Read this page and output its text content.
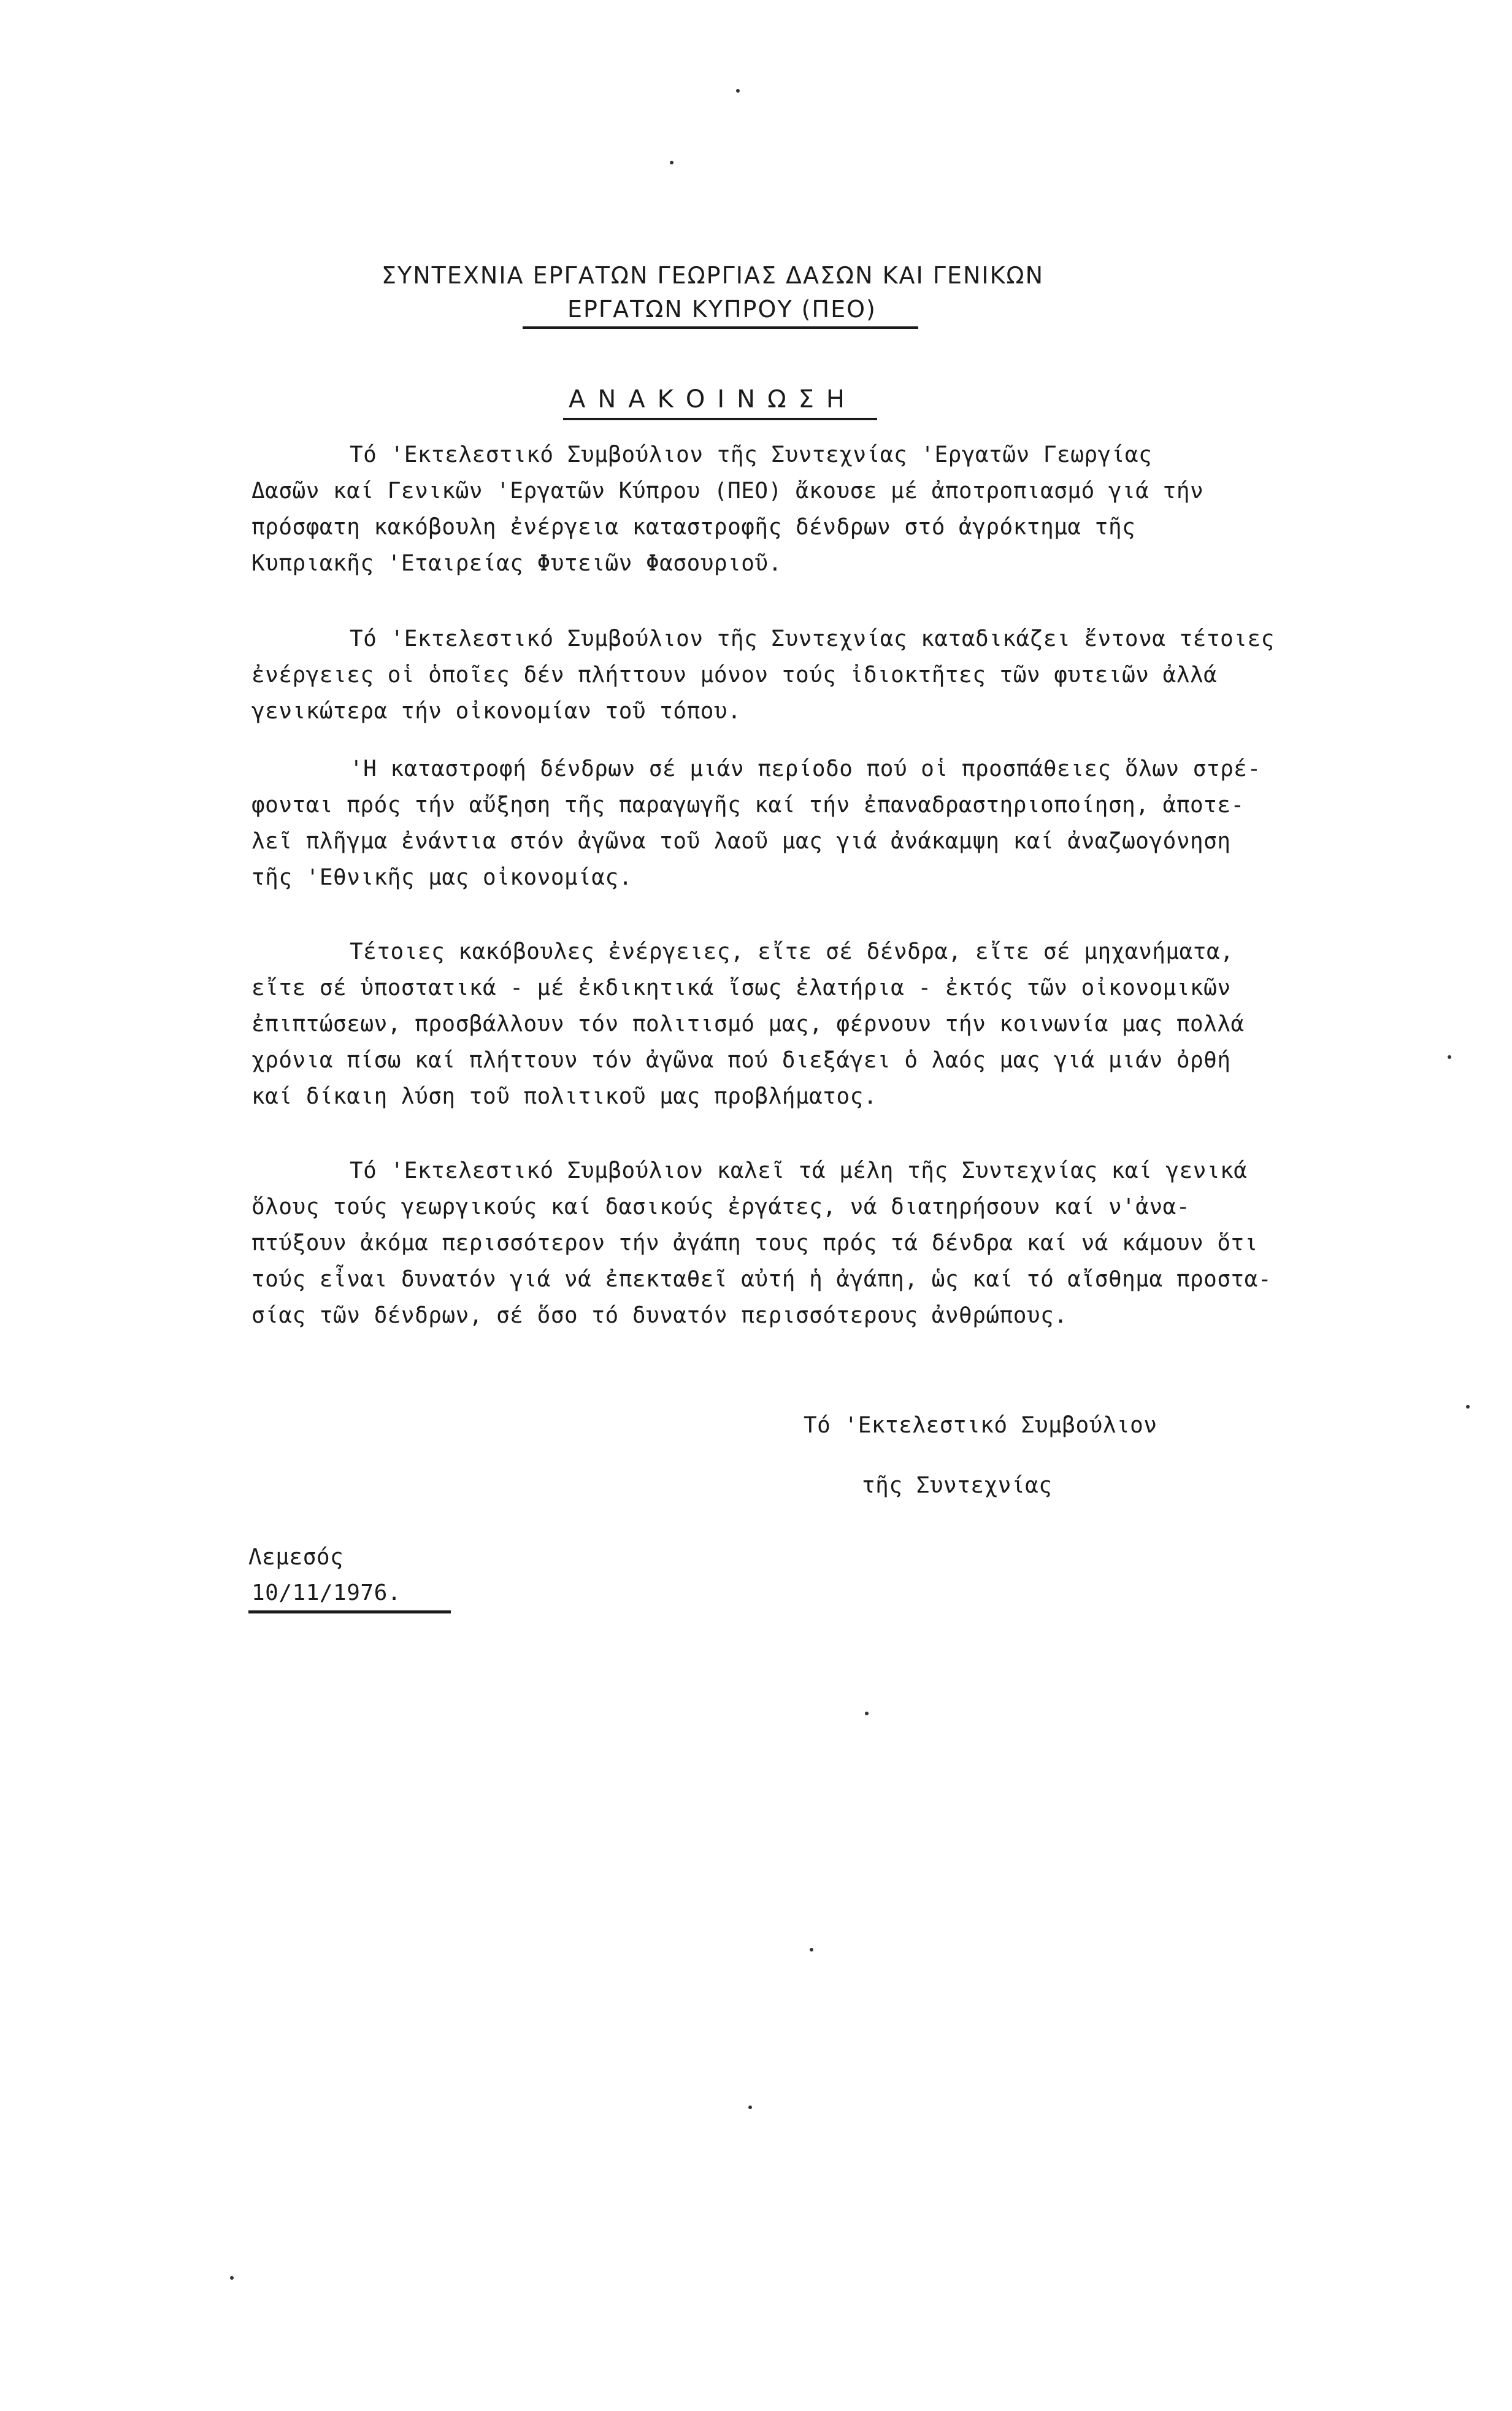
ΣΥΝΤΕΧΝΙΑ ΕΡΓΑΤΩΝ ΓΕΩΡΓΙΑΣ ΔΑΣΩΝ ΚΑΙ ΓΕΝΙΚΩΝ
ΕΡΓΑΤΩΝ ΚΥΠΡΟΥ (ΠΕΟ)
ΑΝΑΚΟΙΝΩΣΗ
Τό 'Εκτελεστικό Συμβούλιον τῆς Συντεχνίας 'Εργατῶν Γεωργίας
Δασῶν καί Γενικῶν 'Εργατῶν Κύπρου (ΠΕΟ) ἄκουσε μέ ἀποτροπιασμό γιά τήν
πρόσφατη κακόβουλη ἐνέργεια καταστροφῆς δένδρων στό ἀγρόκτημα τῆς
Κυπριακῆς 'Εταιρείας Φυτειῶν Φασουριοῦ.
Τό 'Εκτελεστικό Συμβούλιον τῆς Συντεχνίας καταδικάζει ἔντονα τέτοιες
ἐνέργειες οἱ ὁποῖες δέν πλήττουν μόνον τούς ἰδιοκτῆτες τῶν φυτειῶν ἀλλά
γενικώτερα τήν οἰκονομίαν τοῦ τόπου.
'Η καταστροφή δένδρων σέ μιάν περίοδο πού οἱ προσπάθειες ὅλων στρέ-
φονται πρός τήν αὔξηση τῆς παραγωγῆς καί τήν ἐπαναδραστηριοποίηση, ἀποτε-
λεῖ πλῆγμα ἐνάντια στόν ἀγῶνα τοῦ λαοῦ μας γιά ἀνάκαμψη καί ἀναζωογόνηση
τῆς 'Εθνικῆς μας οἰκονομίας.
Τέτοιες κακόβουλες ἐνέργειες, εἴτε σέ δένδρα, εἴτε σέ μηχανήματα,
εἴτε σέ ὑποστατικά - μέ ἐκδικητικά ἴσως ἐλατήρια - ἐκτός τῶν οἰκονομικῶν
ἐπιπτώσεων, προσβάλλουν τόν πολιτισμό μας, φέρνουν τήν κοινωνία μας πολλά
χρόνια πίσω καί πλήττουν τόν ἀγῶνα πού διεξάγει ὁ λαός μας γιά μιάν ὀρθή
καί δίκαιη λύση τοῦ πολιτικοῦ μας προβλήματος.
Τό 'Εκτελεστικό Συμβούλιον καλεῖ τά μέλη τῆς Συντεχνίας καί γενικά
ὅλους τούς γεωργικούς καί δασικούς ἐργάτες, νά διατηρήσουν καί ν'ἀνα-
πτύξουν ἀκόμα περισσότερον τήν ἀγάπη τους πρός τά δένδρα καί νά κάμουν ὅτι
τούς εἶναι δυνατόν γιά νά ἐπεκταθεῖ αὐτή ἡ ἀγάπη, ὡς καί τό αἴσθημα προστα-
σίας τῶν δένδρων, σέ ὅσο τό δυνατόν περισσότερους ἀνθρώπους.
Τό 'Εκτελεστικό Συμβούλιον
τῆς Συντεχνίας
Λεμεσός
10/11/1976.
